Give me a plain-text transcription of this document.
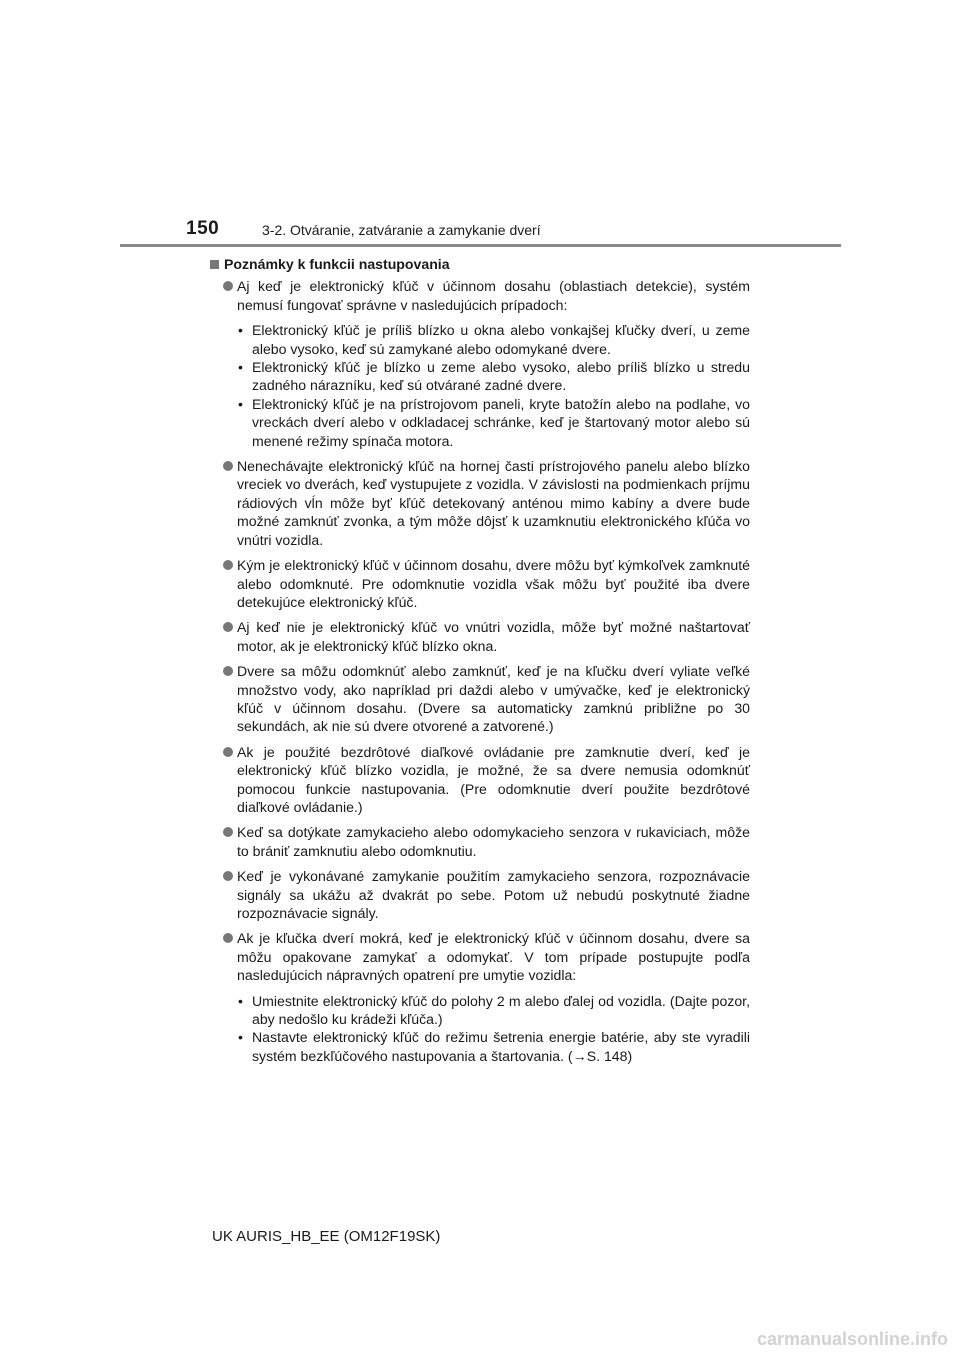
150	3-2. Otváranie, zatváranie a zamykanie dverí
Poznámky k funkcii nastupovania
Aj keď je elektronický kľúč v účinnom dosahu (oblastiach detekcie), systém nemusí fungovať správne v nasledujúcich prípadoch:
• Elektronický kľúč je príliš blízko u okna alebo vonkajšej kľučky dverí, u zeme alebo vysoko, keď sú zamykané alebo odomykané dvere.
• Elektronický kľúč je blízko u zeme alebo vysoko, alebo príliš blízko u stredu zadného nárazníku, keď sú otvárané zadné dvere.
• Elektronický kľúč je na prístrojovom paneli, kryte batožín alebo na podlahe, vo vreckách dverí alebo v odkladacej schránke, keď je štartovaný motor alebo sú menené režimy spínača motora.
Nenechávajte elektronický kľúč na hornej časti prístrojového panelu alebo blízko vreciek vo dverách, keď vystupujete z vozidla. V závislosti na podmienkach príjmu rádiových vĺn môže byť kľúč detekovaný anténou mimo kabíny a dvere bude možné zamknúť zvonka, a tým môže dôjsť k uzamknutiu elektronického kľúča vo vnútri vozidla.
Kým je elektronický kľúč v účinnom dosahu, dvere môžu byť kýmkoľvek zamknuté alebo odomknuté. Pre odomknutie vozidla však môžu byť použité iba dvere detekujúce elektronický kľúč.
Aj keď nie je elektronický kľúč vo vnútri vozidla, môže byť možné naštartovať motor, ak je elektronický kľúč blízko okna.
Dvere sa môžu odomknúť alebo zamknúť, keď je na kľučku dverí vyliate veľké množstvo vody, ako napríklad pri daždi alebo v umývačke, keď je elektronický kľúč v účinnom dosahu. (Dvere sa automaticky zamknú približne po 30 sekundách, ak nie sú dvere otvorené a zatvorené.)
Ak je použité bezdrôtové diaľkové ovládanie pre zamknutie dverí, keď je elektronický kľúč blízko vozidla, je možné, že sa dvere nemusia odomknúť pomocou funkcie nastupovania. (Pre odomknutie dverí použite bezdrôtové diaľkové ovládanie.)
Keď sa dotýkate zamykacieho alebo odomykacieho senzora v rukaviciach, môže to brániť zamknutiu alebo odomknutiu.
Keď je vykonávané zamykanie použitím zamykacieho senzora, rozpoznávacie signály sa ukážu až dvakrát po sebe. Potom už nebudú poskytnuté žiadne rozpoznávacie signály.
Ak je kľučka dverí mokrá, keď je elektronický kľúč v účinnom dosahu, dvere sa môžu opakovane zamykať a odomykať. V tom prípade postupujte podľa nasledujúcich nápravných opatrení pre umytie vozidla:
• Umiestnite elektronický kľúč do polohy 2 m alebo ďalej od vozidla. (Dajte pozor, aby nedošlo ku krádeži kľúča.)
• Nastavte elektronický kľúč do režimu šetrenia energie batérie, aby ste vyradili systém bezkľúčového nastupovania a štartovania. (→S. 148)
UK AURIS_HB_EE (OM12F19SK)
carmanualsonline.info
